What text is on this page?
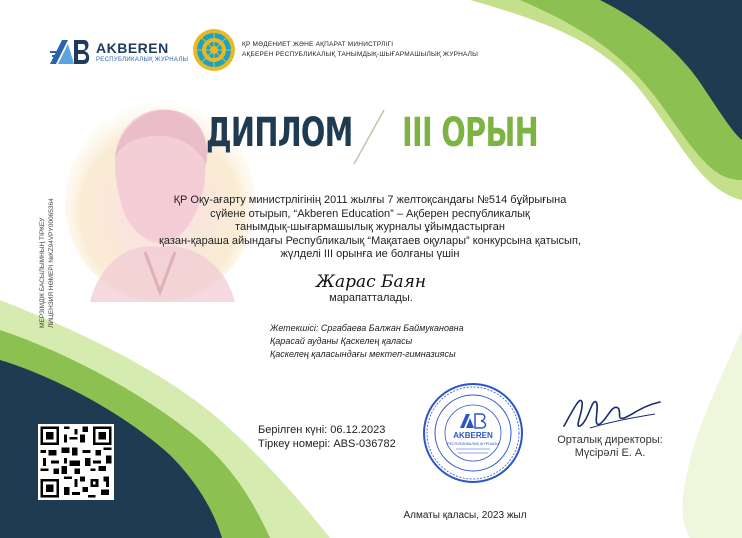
AKBEREN
РЕСПУБЛИКАЛЫҚ ЖУРНАЛЫ
ҚР МӘДЕНИЕТ ЖӘНЕ АҚПАРАТ МИНИСТРЛІГІ
АҚБЕРЕН РЕСПУБЛИКАЛЫҚ ТАНЫМДЫҚ-ШЫҒАРМАШЫЛЫҚ ЖУРНАЛЫ
ДИПЛОМ III ОРЫН
МЕРЗІМДІК БАСЫЛЫМНЫҢ ТІРКЕУ ЛИЦЕНЗИЯ НӨМЕРІ №KZ94VPY00065364	ҚР Оқу-ағарту министрлігінің 2011 жылғы 7 желтоқсандағы №514 бұйрығына
сүйене отырып, “Akberen Education” – Ақберен республикалық
танымдық-шығармашылық журналы ұйымдастырған
қазан-қараша айындағы Республикалық “Мақатаев оқулары” конкурсына қатысып,
жүлделі III орынға ие болғаны үшін
Жарас Баян
марапатталады.
Жетекшісі: Сргабаева Балжан Баймукановна
Қарасай ауданы Қаскелең қаласы
Қаскелең қаласындағы мектеп-гимназиясы
Берілген күні: 06.12.2023
Тіркеу номері: ABS-036782
AKBEREN
РЕСПУБЛИКАЛЫҚ ЖУРНАЛЫ	Орталық директоры:
Мүсірәлі Е. А.
Алматы қаласы, 2023 жыл
